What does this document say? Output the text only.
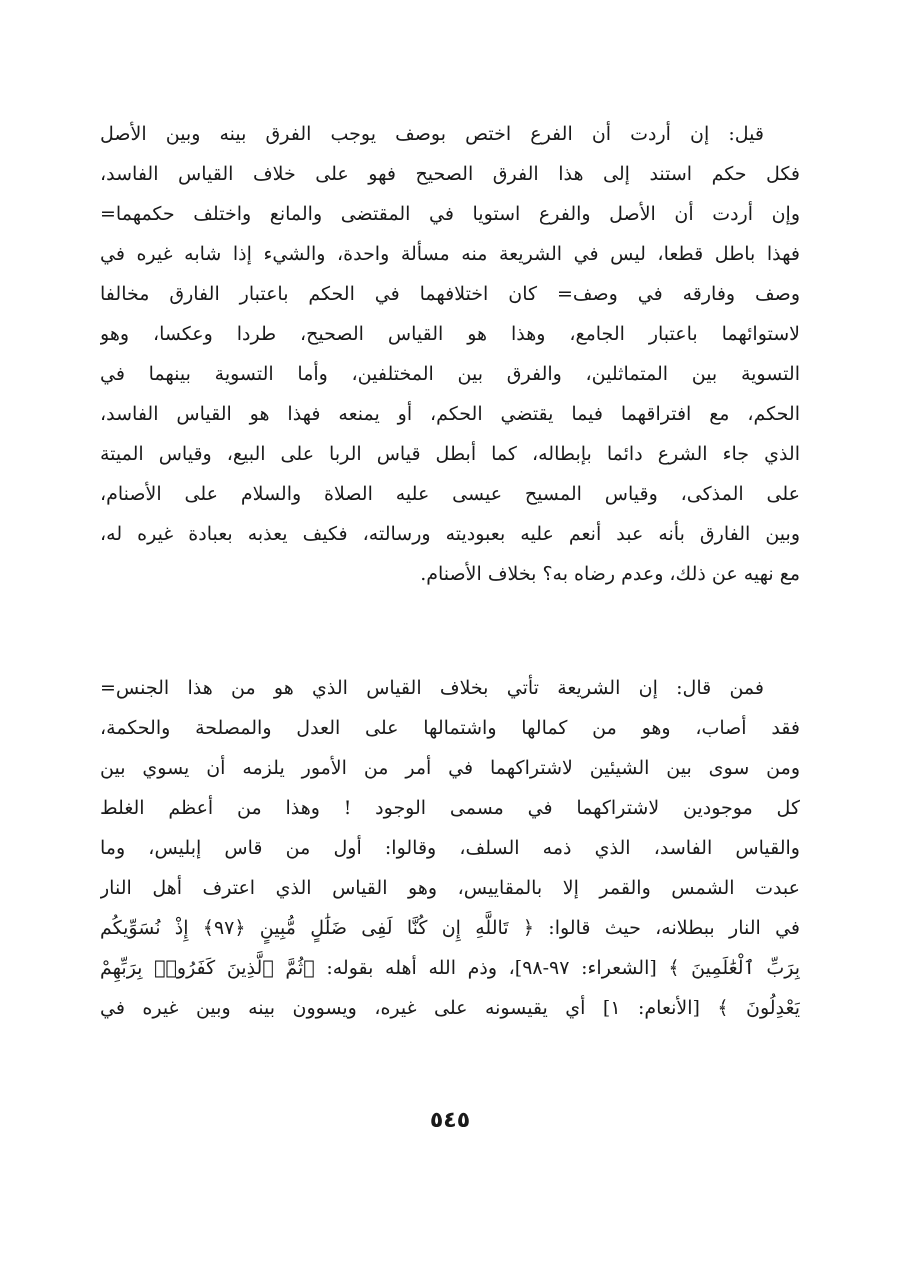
قيل: إن أردت أن الفرع اختص بوصف يوجب الفرق بينه وبين الأصل
فكل حكم استند إلى هذا الفرق الصحيح فهو على خلاف القياس الفاسد،
وإن أردت أن الأصل والفرع استويا في المقتضى والمانع واختلف حكمهما=
فهذا باطل قطعا، ليس في الشريعة منه مسألة واحدة، والشيء إذا شابه غيره في
وصف وفارقه في وصف= كان اختلافهما في الحكم باعتبار الفارق مخالفا
لاستوائهما باعتبار الجامع، وهذا هو القياس الصحيح، طردا وعكسا، وهو
التسوية بين المتماثلين، والفرق بين المختلفين، وأما التسوية بينهما في
الحكم، مع افتراقهما فيما يقتضي الحكم، أو يمنعه فهذا هو القياس الفاسد،
الذي جاء الشرع دائما بإبطاله، كما أبطل قياس الربا على البيع، وقياس الميتة
على المذكى، وقياس المسيح عيسى عليه الصلاة والسلام على الأصنام،
وبين الفارق بأنه عبد أنعم عليه بعبوديته ورسالته، فكيف يعذبه بعبادة غيره له،
مع نهيه عن ذلك، وعدم رضاه به؟ بخلاف الأصنام.
فمن قال: إن الشريعة تأتي بخلاف القياس الذي هو من هذا الجنس=
فقد أصاب، وهو من كمالها واشتمالها على العدل والمصلحة والحكمة،
ومن سوى بين الشيئين لاشتراكهما في أمر من الأمور يلزمه أن يسوي بين
كل موجودين لاشتراكهما في مسمى الوجود ! وهذا من أعظم الغلط
والقياس الفاسد، الذي ذمه السلف، وقالوا: أول من قاس إبليس، وما
عبدت الشمس والقمر إلا بالمقاييس، وهو القياس الذي اعترف أهل النار
في النار ببطلانه، حيث قالوا: ﴿ تَاللَّهِ إِن كُنَّا لَفِى ضَلَٰلٍ مُّبِينٍ ﴿٩٧﴾ إِذْ نُسَوِّيكُم
بِرَبِّ ٱلْعَٰلَمِينَ ﴾ [الشعراء: ٩٧-٩٨]، وذم الله أهله بقوله: ﴿ثُمَّ ٱلَّذِينَ كَفَرُوا۟ بِرَبِّهِمْ
يَعْدِلُونَ ﴾ [الأنعام: ١] أي يقيسونه على غيره، ويسوون بينه وبين غيره في
٥٤٥
